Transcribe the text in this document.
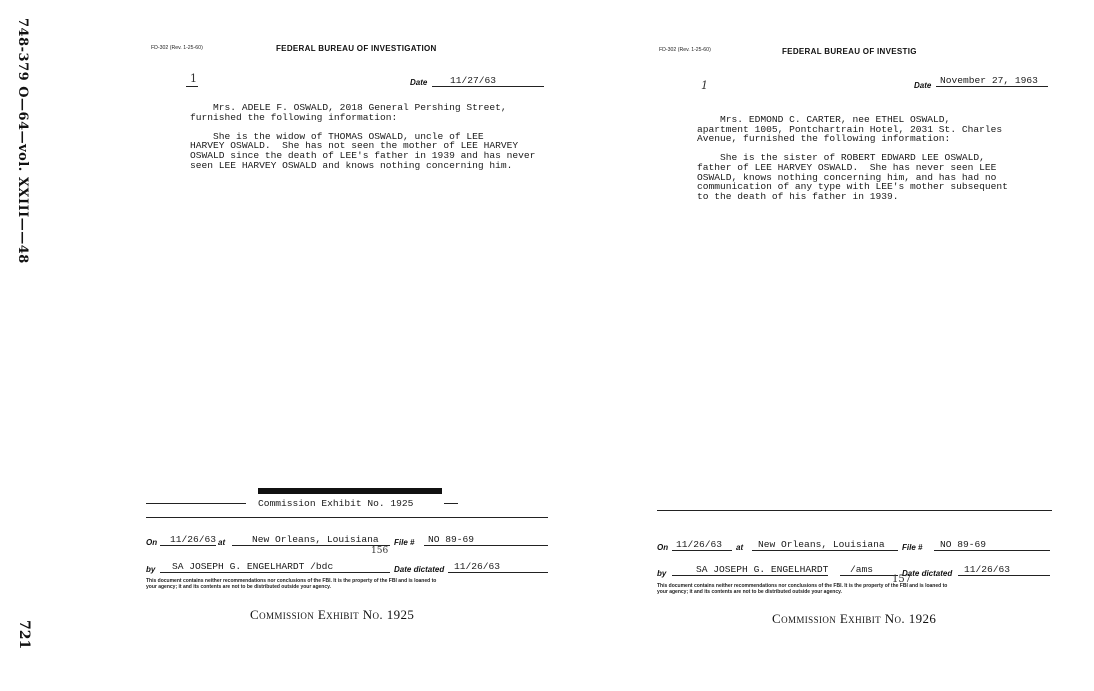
748-379 O—64—vol. XXIII——48
721
FD-302 (Rev. 1-25-60)	FEDERAL BUREAU OF INVESTIGATION
1	Date	11/27/63
Mrs. ADELE F. OSWALD, 2018 General Pershing Street,
furnished the following information:

She is the widow of THOMAS OSWALD, uncle of LEE
HARVEY OSWALD.  She has not seen the mother of LEE HARVEY
OSWALD since the death of LEE's father in 1939 and has never
seen LEE HARVEY OSWALD and knows nothing concerning him.
Commission Exhibit No. 1925
On	11/26/63 at	New Orleans, Louisiana	File #	NO 89-69
by	SA JOSEPH G. ENGELHARDT /bdc
156
Date dictated	11/26/63
This document contains neither recommendations nor conclusions of the FBI. It is the property of the FBI and is loaned to
your agency; it and its contents are not to be distributed outside your agency.
Commission Exhibit No. 1925
FD-302 (Rev. 1-25-60)	FEDERAL BUREAU OF INVESTIG
1	Date November 27, 1963
Mrs. EDMOND C. CARTER, nee ETHEL OSWALD,
apartment 1005, Pontchartrain Hotel, 2031 St. Charles
Avenue, furnished the following information:

She is the sister of ROBERT EDWARD LEE OSWALD,
father of LEE HARVEY OSWALD.  She has never seen LEE
OSWALD, knows nothing concerning him, and has had no
communication of any type with LEE's mother subsequent
to the death of his father in 1939.
On 11/26/63	at	New Orleans, Louisiana	File #	NO 89-69
by	SA JOSEPH G. ENGELHARDT	/ams
157
Date dictated	11/26/63
This document contains neither recommendations nor conclusions of the FBI. It is the property of the FBI and is loaned to
your agency; it and its contents are not to be distributed outside your agency.
Commission Exhibit No. 1926
